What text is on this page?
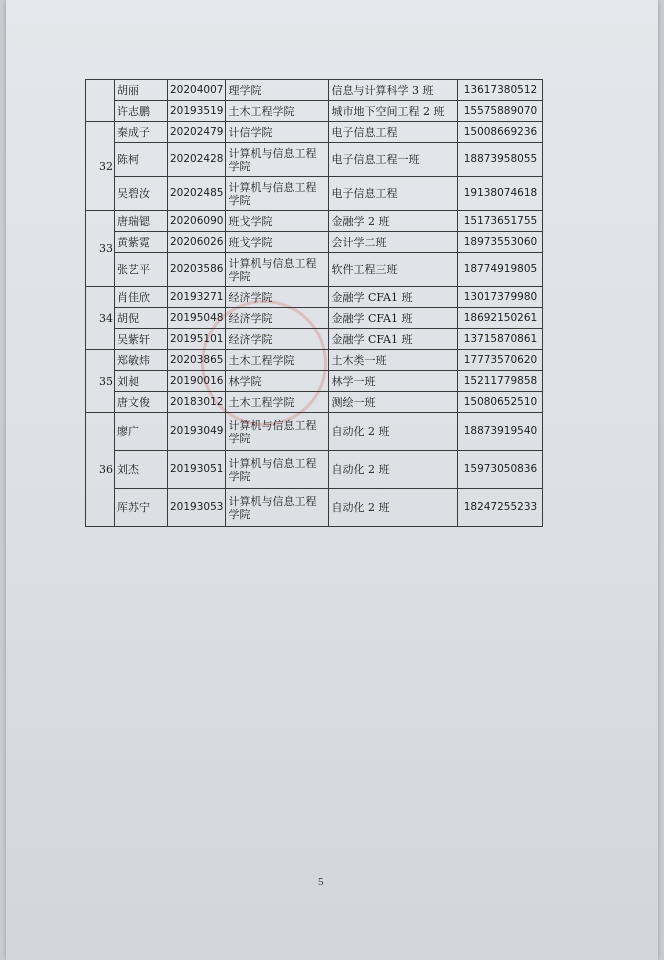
	胡丽	20204007	理学院	信息与计算科学 3 班	13617380512
	许志鹏	20193519	土木工程学院	城市地下空间工程 2 班	15575889070
32	秦成子	20202479	计信学院	电子信息工程	15008669236
	陈柯	20202428	计算机与信息工程学院	电子信息工程一班	18873958055
	吴碧汝	20202485	计算机与信息工程学院	电子信息工程	19138074618
33	唐瑞锶	20206090	班戈学院	金融学 2 班	15173651755
	黄紫霓	20206026	班戈学院	会计学二班	18973553060
	张艺平	20203586	计算机与信息工程学院	软件工程三班	18774919805
34	肖佳欣	20193271	经济学院	金融学 CFA1 班	13017379980
	胡倪	20195048	经济学院	金融学 CFA1 班	18692150261
	吴紫轩	20195101	经济学院	金融学 CFA1 班	13715870861
35	郑敏炜	20203865	土木工程学院	土木类一班	17773570620
	刘昶	20190016	林学院	林学一班	15211779858
	唐文俊	20183012	土木工程学院	测绘一班	15080652510
36	廖广	20193049	计算机与信息工程学院	自动化 2 班	18873919540
	刘杰	20193051	计算机与信息工程学院	自动化 2 班	15973050836
	厍苏宁	20193053	计算机与信息工程学院	自动化 2 班	18247255233
5
